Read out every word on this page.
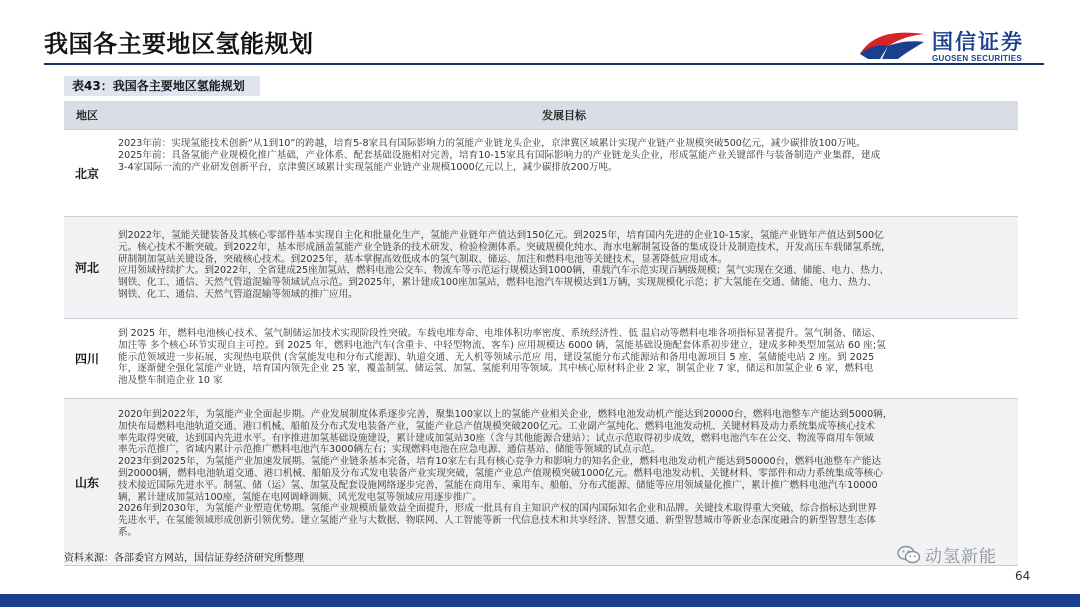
我国各主要地区氢能规划	国信证券
GUOSEN SECURITIES
表43：我国各主要地区氢能规划
地区	发展目标
北京
2023年前：实现氢能技术创新“从1到10”的跨越，培育5-8家具有国际影响力的氢能产业链龙头企业，京津冀区域累计实现产业链产业规模突破500亿元，减少碳排放100万吨。
2025年前：具备氢能产业规模化推广基础，产业体系、配套基础设施相对完善，培育10-15家具有国际影响力的产业链龙头企业，形成氢能产业关键部件与装备制造产业集群，建成
3-4家国际一流的产业研发创新平台，京津冀区域累计实现氢能产业链产业规模1000亿元以上，减少碳排放200万吨。
河北
到2022年，氢能关键装备及其核心零部件基本实现自主化和批量化生产，氢能产业链年产值达到150亿元。到2025年，培育国内先进的企业10-15家，氢能产业链年产值达到500亿
元。核心技术不断突破。到2022年，基本形成涵盖氢能产业全链条的技术研发、检验检测体系。突破规模化纯水、海水电解制氢设备的集成设计及制造技术，开发高压车载储氢系统，
研制制加氢站关键设备，突破核心技术。到2025年，基本掌握高效低成本的氢气制取、储运、加注和燃料电池等关键技术，显著降低应用成本。
应用领域持续扩大。到2022年，全省建成25座加氢站，燃料电池公交车、物流车等示范运行规模达到1000辆，重载汽车示范实现百辆级规模；氢气实现在交通、储能、电力、热力、
钢铁、化工、通信、天然气管道混输等领域试点示范。到2025年，累计建成100座加氢站，燃料电池汽车规模达到1万辆，实现规模化示范；扩大氢能在交通、储能、电力、热力、
钢铁、化工、通信、天然气管道混输等领域的推广应用。
四川
到 2025 年，燃料电池核心技术、氢气制储运加技术实现阶段性突破。车载电堆寿命、电堆体积功率密度、系统经济性、低 温启动等燃料电堆各项指标显著提升。氢气制备、储运、
加注等 多个核心环节实现自主可控。到 2025 年，燃料电池汽车(含重卡、中轻型物流、客车) 应用规模达 6000 辆，氢能基础设施配套体系初步建立，建成多种类型加氢站 60 座;氢
能示范领域进一步拓展，实现热电联供 (含氢能发电和分布式能源)、轨道交通、无人机等领域示范应 用，建设氢能分布式能源站和备用电源项目 5 座，氢储能电站 2 座。到 2025
年，逐渐健全强化氢能产业链，培育国内领先企业 25 家，覆盖制氢、储运氢、加氢、氢能利用等领域。其中核心原材料企业 2 家，制氢企业 7 家，储运和加氢企业 6 家，燃料电
池及整车制造企业 10 家
山东
2020年到2022年，为氢能产业全面起步期。产业发展制度体系逐步完善，聚集100家以上的氢能产业相关企业，燃料电池发动机产能达到20000台，燃料电池整车产能达到5000辆，
加快布局燃料电池轨道交通、港口机械、船舶及分布式发电装备产业，氢能产业总产值规模突破200亿元。工业副产氢纯化、燃料电池发动机、关键材料及动力系统集成等核心技术
率先取得突破，达到国内先进水平。有序推进加氢基础设施建设，累计建成加氢站30座（含与其他能源合建站）；试点示范取得初步成效，燃料电池汽车在公交、物流等商用车领域
率先示范推广，省域内累计示范推广燃料电池汽车3000辆左右；实现燃料电池在应急电源、通信基站、储能等领域的试点示范。
2023年到2025年，为氢能产业加速发展期。氢能产业链条基本完备，培育10家左右具有核心竞争力和影响力的知名企业，燃料电池发动机产能达到50000台，燃料电池整车产能达
到20000辆，燃料电池轨道交通、港口机械、船舶及分布式发电装备产业实现突破，氢能产业总产值规模突破1000亿元。燃料电池发动机、关键材料、零部件和动力系统集成等核心
技术接近国际先进水平。制氢、储（运）氢、加氢及配套设施网络逐步完善，氢能在商用车、乘用车、船舶、分布式能源、储能等应用领域量化推广，累计推广燃料电池汽车10000
辆，累计建成加氢站100座，氢能在电网调峰调频、风光发电氢等领域应用逐步推广。
2026年到2030年，为氢能产业塑造优势期。氢能产业规模质量效益全面提升，形成一批具有自主知识产权的国内国际知名企业和品牌。关键技术取得重大突破，综合指标达到世界
先进水平，在氢能领域形成创新引领优势。建立氢能产业与大数据、物联网、人工智能等新一代信息技术和共享经济、智慧交通、新型智慧城市等新业态深度融合的新型智慧生态体
系。
资料来源：各部委官方网站，国信证券经济研究所整理	动氢新能
64
